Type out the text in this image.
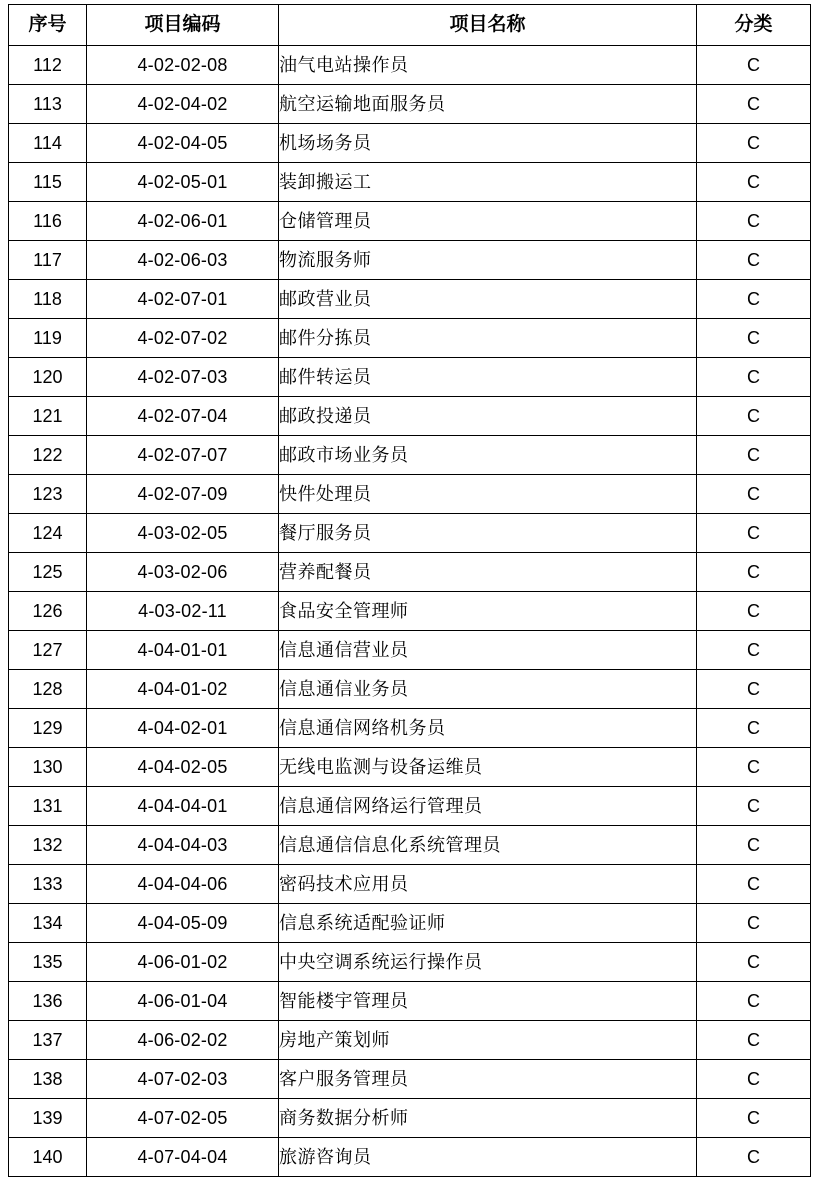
序号	项目编码	项目名称	分类
112	4-02-02-08	油气电站操作员	C
113	4-02-04-02	航空运输地面服务员	C
114	4-02-04-05	机场场务员	C
115	4-02-05-01	装卸搬运工	C
116	4-02-06-01	仓储管理员	C
117	4-02-06-03	物流服务师	C
118	4-02-07-01	邮政营业员	C
119	4-02-07-02	邮件分拣员	C
120	4-02-07-03	邮件转运员	C
121	4-02-07-04	邮政投递员	C
122	4-02-07-07	邮政市场业务员	C
123	4-02-07-09	快件处理员	C
124	4-03-02-05	餐厅服务员	C
125	4-03-02-06	营养配餐员	C
126	4-03-02-11	食品安全管理师	C
127	4-04-01-01	信息通信营业员	C
128	4-04-01-02	信息通信业务员	C
129	4-04-02-01	信息通信网络机务员	C
130	4-04-02-05	无线电监测与设备运维员	C
131	4-04-04-01	信息通信网络运行管理员	C
132	4-04-04-03	信息通信信息化系统管理员	C
133	4-04-04-06	密码技术应用员	C
134	4-04-05-09	信息系统适配验证师	C
135	4-06-01-02	中央空调系统运行操作员	C
136	4-06-01-04	智能楼宇管理员	C
137	4-06-02-02	房地产策划师	C
138	4-07-02-03	客户服务管理员	C
139	4-07-02-05	商务数据分析师	C
140	4-07-04-04	旅游咨询员	C
